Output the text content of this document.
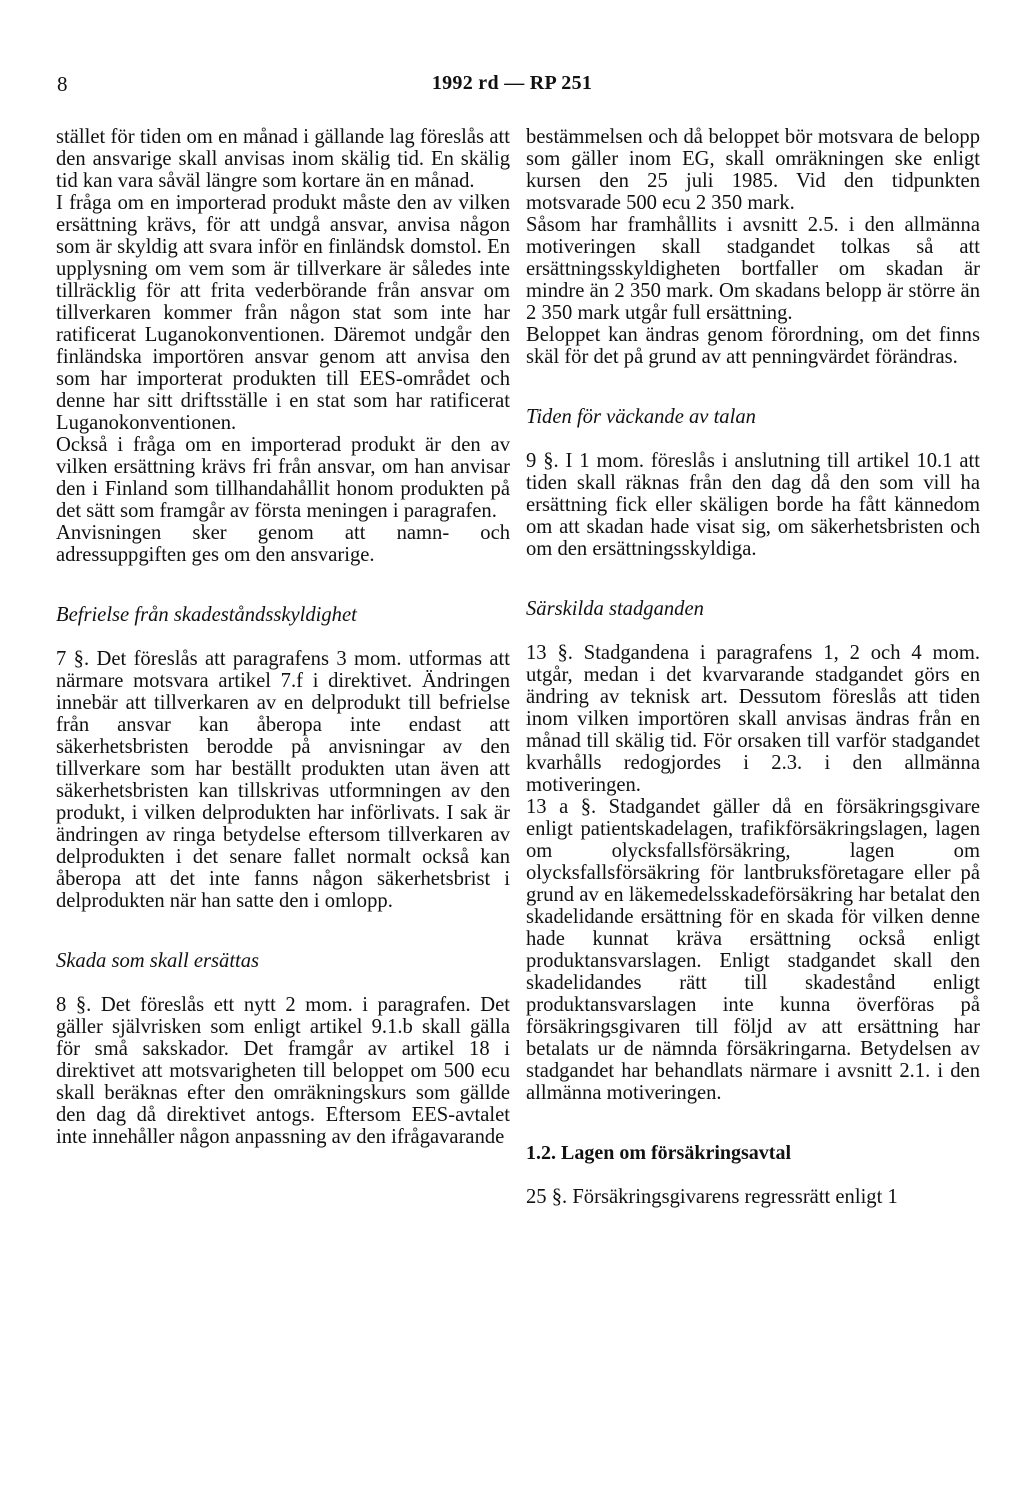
8	1992 rd — RP 251

stället för tiden om en månad i gällande lag föreslås att den ansvarige skall anvisas inom skälig tid. En skälig tid kan vara såväl längre som kortare än en månad.

I fråga om en importerad produkt måste den av vilken ersättning krävs, för att undgå ansvar, anvisa någon som är skyldig att svara inför en finländsk domstol. En upplysning om vem som är tillverkare är således inte tillräcklig för att frita vederbörande från ansvar om tillverkaren kommer från någon stat som inte har ratificerat Luganokonventionen. Däremot undgår den finländska importören ansvar genom att anvisa den som har importerat produkten till EES-området och denne har sitt driftsställe i en stat som har ratificerat Luganokonventionen.

Också i fråga om en importerad produkt är den av vilken ersättning krävs fri från ansvar, om han anvisar den i Finland som tillhandahållit honom produkten på det sätt som framgår av första meningen i paragrafen.

Anvisningen sker genom att namn- och adressuppgiften ges om den ansvarige.

Befrielse från skadeståndsskyldighet

7 §. Det föreslås att paragrafens 3 mom. utformas att närmare motsvara artikel 7.f i direktivet. Ändringen innebär att tillverkaren av en delprodukt till befrielse från ansvar kan åberopa inte endast att säkerhetsbristen berodde på anvisningar av den tillverkare som har beställt produkten utan även att säkerhetsbristen kan tillskrivas utformningen av den produkt, i vilken delprodukten har införlivats. I sak är ändringen av ringa betydelse eftersom tillverkaren av delprodukten i det senare fallet normalt också kan åberopa att det inte fanns någon säkerhetsbrist i delprodukten när han satte den i omlopp.

Skada som skall ersättas

8 §. Det föreslås ett nytt 2 mom. i paragrafen. Det gäller självrisken som enligt artikel 9.1.b skall gälla för små sakskador. Det framgår av artikel 18 i direktivet att motsvarigheten till beloppet om 500 ecu skall beräknas efter den omräkningskurs som gällde den dag då direktivet antogs. Eftersom EES-avtalet inte innehåller någon anpassning av den ifrågavarande

bestämmelsen och då beloppet bör motsvara de belopp som gäller inom EG, skall omräkningen ske enligt kursen den 25 juli 1985. Vid den tidpunkten motsvarade 500 ecu 2 350 mark.

Såsom har framhållits i avsnitt 2.5. i den allmänna motiveringen skall stadgandet tolkas så att ersättningsskyldigheten bortfaller om skadan är mindre än 2 350 mark. Om skadans belopp är större än 2 350 mark utgår full ersättning.

Beloppet kan ändras genom förordning, om det finns skäl för det på grund av att penningvärdet förändras.

Tiden för väckande av talan

9 §. I 1 mom. föreslås i anslutning till artikel 10.1 att tiden skall räknas från den dag då den som vill ha ersättning fick eller skäligen borde ha fått kännedom om att skadan hade visat sig, om säkerhetsbristen och om den ersättningsskyldiga.

Särskilda stadganden

13 §. Stadgandena i paragrafens 1, 2 och 4 mom. utgår, medan i det kvarvarande stadgandet görs en ändring av teknisk art. Dessutom föreslås att tiden inom vilken importören skall anvisas ändras från en månad till skälig tid. För orsaken till varför stadgandet kvarhålls redogjordes i 2.3. i den allmänna motiveringen.

13 a §. Stadgandet gäller då en försäkringsgivare enligt patientskadelagen, trafikförsäkringslagen, lagen om olycksfallsförsäkring, lagen om olycksfallsförsäkring för lantbruksföretagare eller på grund av en läkemedelsskadeförsäkring har betalat den skadelidande ersättning för en skada för vilken denne hade kunnat kräva ersättning också enligt produktansvarslagen. Enligt stadgandet skall den skadelidandes rätt till skadestånd enligt produktansvarslagen inte kunna överföras på försäkringsgivaren till följd av att ersättning har betalats ur de nämnda försäkringarna. Betydelsen av stadgandet har behandlats närmare i avsnitt 2.1. i den allmänna motiveringen.

1.2. Lagen om försäkringsavtal

25 §. Försäkringsgivarens regressrätt enligt 1
